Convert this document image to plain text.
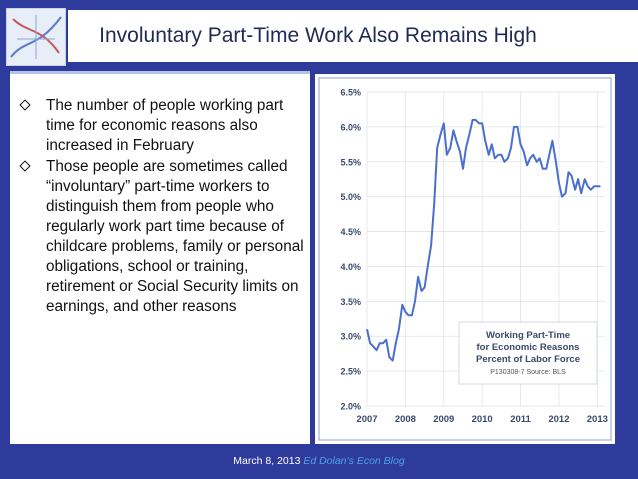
Involuntary Part-Time Work Also Remains High
The number of people working part time for economic reasons also increased in February
Those people are sometimes called “involuntary” part-time workers to distinguish them from people who regularly work part time because of childcare problems, family or personal obligations, school or training, retirement or Social Security limits on earnings, and other reasons
2.0%
2.5%
3.0%
3.5%
4.0%
4.5%
5.0%
5.5%
6.0%
6.5%
2007 2008 2009 2010 2011 2012 2013
Working Part-Time
for Economic Reasons
Percent of Labor Force
P130308-7 Source: BLS
March 8, 2013 Ed Dolan’s Econ Blog
